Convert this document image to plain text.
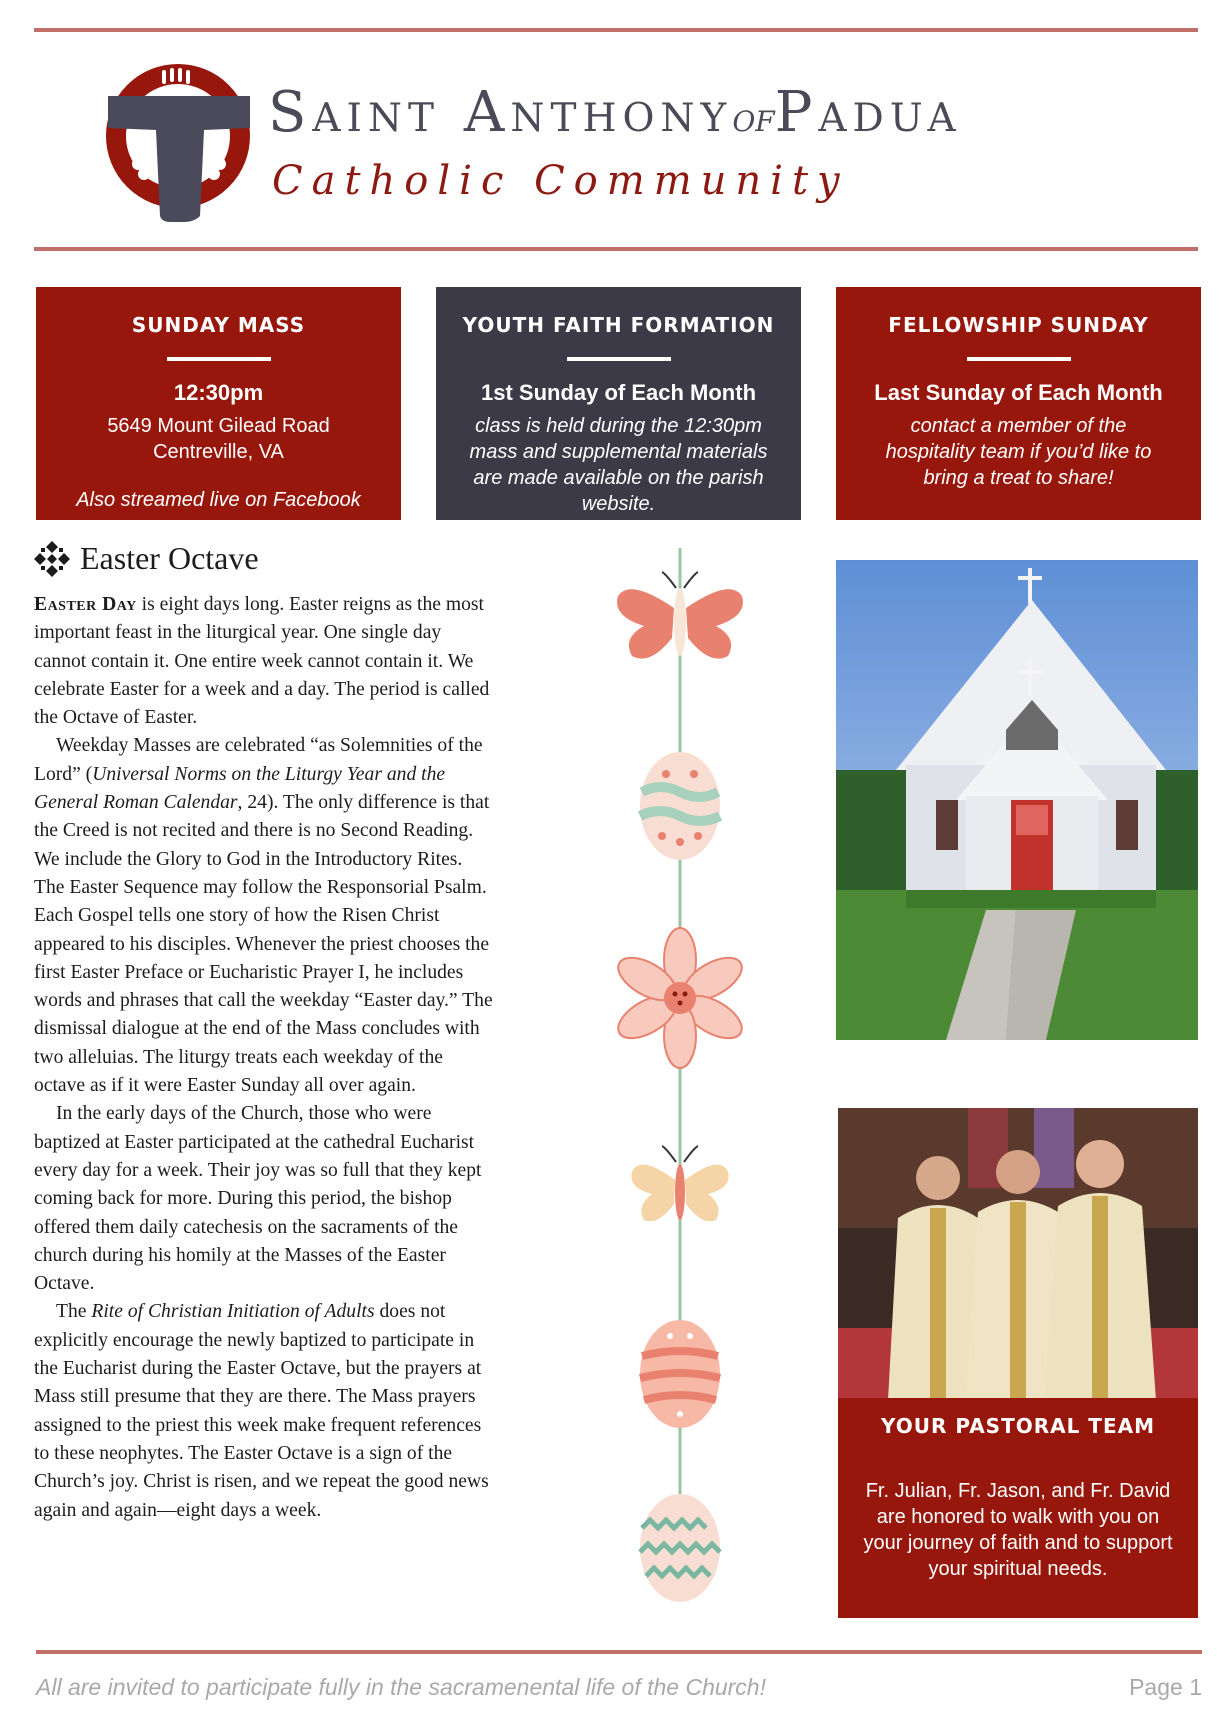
Saint AnthonyofPadua
Catholic Community
SUNDAY MASS
12:30pm
5649 Mount Gilead Road
Centreville, VA
Also streamed live on Facebook
YOUTH FAITH FORMATION
1st Sunday of Each Month
class is held during the 12:30pm mass and supplemental materials are made available on the parish website.
FELLOWSHIP SUNDAY
Last Sunday of Each Month
contact a member of the hospitality team if you’d like to bring a treat to share!
Easter Octave

Easter Day is eight days long. Easter reigns as the most important feast in the liturgical year. One single day cannot contain it. One entire week cannot contain it. We celebrate Easter for a week and a day. The period is called the Octave of Easter.

Weekday Masses are celebrated “as Solemnities of the Lord” (Universal Norms on the Liturgy Year and the General Roman Calendar, 24). The only difference is that the Creed is not recited and there is no Second Reading. We include the Glory to God in the Introductory Rites. The Easter Sequence may follow the Responsorial Psalm. Each Gospel tells one story of how the Risen Christ appeared to his disciples. Whenever the priest chooses the first Easter Preface or Eucharistic Prayer I, he includes words and phrases that call the weekday “Easter day.” The dismissal dialogue at the end of the Mass concludes with two alleluias. The liturgy treats each weekday of the octave as if it were Easter Sunday all over again.

In the early days of the Church, those who were baptized at Easter participated at the cathedral Eucharist every day for a week. Their joy was so full that they kept coming back for more. During this period, the bishop offered them daily catechesis on the sacraments of the church during his homily at the Masses of the Easter Octave.

The Rite of Christian Initiation of Adults does not explicitly encourage the newly baptized to participate in the Eucharist during the Easter Octave, but the prayers at Mass still presume that they are there. The Mass prayers assigned to the priest this week make frequent references to these neophytes. The Easter Octave is a sign of the Church’s joy. Christ is risen, and we repeat the good news again and again—eight days a week.

YOUR PASTORAL TEAM
Fr. Julian, Fr. Jason, and Fr. David are honored to walk with you on your journey of faith and to support your spiritual needs.
All are invited to participate fully in the sacramenental life of the Church!	Page 1
